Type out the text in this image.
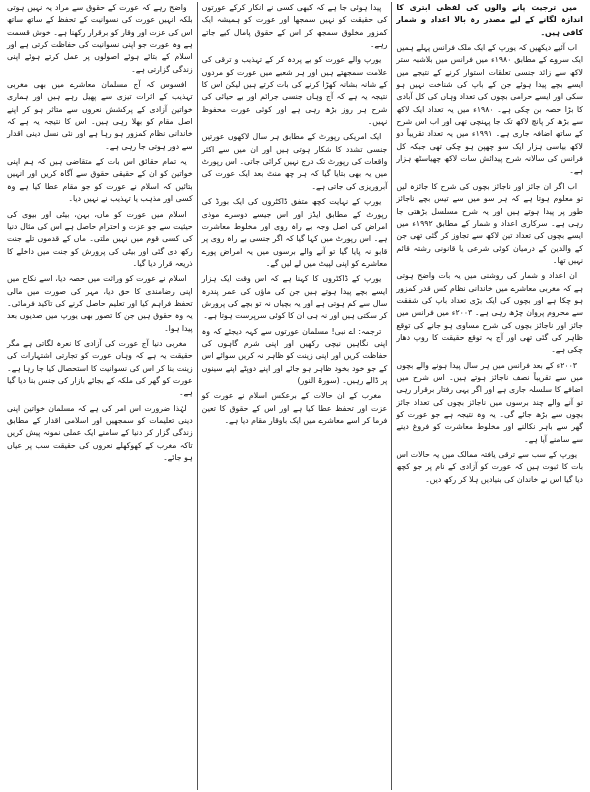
میں ترجیت پانے والوں کی لفظی ابتری کا اندازہ لگانے کے لیے مصدر رہ بالا اعداد و شمار کافی ہیں۔

اب آئیے دیکھیں کہ یورپ کے ایک ملک فرانس پہلے ہمیں ایک سروے کے مطابق ۱۹۸۰ء میں فرانس میں بلاشبہ ستر لاکھ سے زائد جنسی تعلقات استوار کرنے کے نتیجے میں ایسے بچے پیدا ہوئے جن کے باپ کی شناخت نہیں ہو سکی اور ایسے حرامی بچوں کی تعداد وہاں کی کل آبادی کا بڑا حصہ بن چکی ہے۔ ۱۹۸۰ء میں یہ تعداد ایک لاکھ سے بڑھ کر پانچ لاکھ تک جا پہنچی تھی اور اب اس شرح کے ساتھ اضافہ جاری ہے۔ ۱۹۹۱ء میں یہ تعداد تقریباً دو لاکھ بیاسی ہزار ایک سو چھپن ہو چکی تھی جبکہ کل فرانس کی سالانہ شرح پیدائش سات لاکھ چھیاسٹھ ہزار ہے۔

اب اگر ان جائز اور ناجائز بچوں کی شرح کا جائزہ لیں تو معلوم ہوتا ہے کہ ہر سو میں سے تیس بچے ناجائز طور پر پیدا ہوتے ہیں اور یہ شرح مسلسل بڑھتی جا رہی ہے۔ سرکاری اعداد و شمار کے مطابق ۱۹۹۲ء میں ایسے بچوں کی تعداد تین لاکھ سے تجاوز کر گئی تھی جن کے والدین کے درمیان کوئی شرعی یا قانونی رشتہ قائم نہیں تھا۔

ان اعداد و شمار کی روشنی میں یہ بات واضح ہوتی ہے کہ مغربی معاشرے میں خاندانی نظام کس قدر کمزور ہو چکا ہے اور بچوں کی ایک بڑی تعداد باپ کی شفقت سے محروم پروان چڑھ رہی ہے۔ ۲۰۰۳ء میں فرانس میں جائز اور ناجائز بچوں کی شرح مساوی ہو جانے کی توقع ظاہر کی گئی تھی اور آج یہ توقع حقیقت کا روپ دھار چکی ہے۔

۲۰۰۳ء کے بعد فرانس میں ہر سال پیدا ہونے والے بچوں میں سے تقریباً نصف ناجائز ہوتے ہیں۔ اس شرح میں اضافے کا سلسلہ جاری ہے اور اگر یہی رفتار برقرار رہی تو آنے والے چند برسوں میں ناجائز بچوں کی تعداد جائز بچوں سے بڑھ جائے گی۔ یہ وہ نتیجہ ہے جو عورت کو گھر سے باہر نکالنے اور مخلوط معاشرت کو فروغ دینے سے سامنے آیا ہے۔

یورپ کے سب سے ترقی یافتہ ممالک میں یہ حالات اس بات کا ثبوت ہیں کہ عورت کو آزادی کے نام پر جو کچھ دیا گیا اس نے خاندان کی بنیادیں ہلا کر رکھ دیں۔

پیدا ہوئی جا ہے کہ کبھی کسی نے انکار کرکے عورتوں کی حقیقت کو نہیں سمجھا اور عورت کو ہمیشہ ایک کمزور مخلوق سمجھ کر اس کے حقوق پامال کیے جاتے رہے۔

یورپ والے عورت کو بے پردہ کر کے تہذیب و ترقی کی علامت سمجھتے ہیں اور ہر شعبے میں عورت کو مردوں کے شانہ بشانہ کھڑا کرنے کی بات کرتے ہیں لیکن اس کا نتیجہ یہ ہے کہ آج وہاں جنسی جرائم اور بے حیائی کی شرح ہر روز بڑھ رہی ہے اور کوئی عورت محفوظ نہیں۔

ایک امریکی رپورٹ کے مطابق ہر سال لاکھوں عورتیں جنسی تشدد کا شکار ہوتی ہیں اور ان میں سے اکثر واقعات کی رپورٹ تک درج نہیں کرائی جاتی۔ اس رپورٹ میں یہ بھی بتایا گیا کہ ہر چھ منٹ بعد ایک عورت کی آبروریزی کی جاتی ہے۔

یورپ کے نہایت کچھ متفق ڈاکٹروں کی ایک بورڈ کی رپورٹ کے مطابق ایڈز اور اس جیسے دوسرے موذی امراض کی اصل وجہ بے راہ روی اور مخلوط معاشرت ہے۔ اس رپورٹ میں کہا گیا کہ اگر جنسی بے راہ روی پر قابو نہ پایا گیا تو آنے والے برسوں میں یہ امراض پورے معاشرے کو اپنی لپیٹ میں لے لیں گے۔

یورپ کے ڈاکٹروں کا کہنا ہے کہ اس وقت ایک ہزار ایسے بچے پیدا ہوتے ہیں جن کی ماؤں کی عمر پندرہ سال سے کم ہوتی ہے اور یہ بچیاں نہ تو بچے کی پرورش کر سکتی ہیں اور نہ ہی ان کا کوئی سرپرست ہوتا ہے۔

ترجمہ: اے نبی! مسلمان عورتوں سے کہہ دیجئے کہ وہ اپنی نگاہیں نیچی رکھیں اور اپنی شرم گاہوں کی حفاظت کریں اور اپنی زینت کو ظاہر نہ کریں سوائے اس کے جو خود بخود ظاہر ہو جائے اور اپنے دوپٹے اپنے سینوں پر ڈالے رہیں۔ (سورۃ النور)

مغرب کے ان حالات کے برعکس اسلام نے عورت کو عزت اور تحفظ عطا کیا ہے اور اس کے حقوق کا تعین فرما کر اسے معاشرے میں ایک باوقار مقام دیا ہے۔

واضح رہے کہ عورت کے حقوق سے مراد یہ نہیں ہوتی بلکہ انہیں عورت کی نسوانیت کے تحفظ کے ساتھ ساتھ اس کی عزت اور وقار کو برقرار رکھنا ہے۔ خوش قسمت ہے وہ عورت جو اپنی نسوانیت کی حفاظت کرتی ہے اور اسلام کے بتائے ہوئے اصولوں پر عمل کرتے ہوئے اپنی زندگی گزارتی ہے۔

افسوس کہ آج مسلمان معاشرے میں بھی مغربی تہذیب کے اثرات تیزی سے پھیل رہے ہیں اور ہماری خواتین آزادی کے پرکشش نعروں سے متاثر ہو کر اپنے اصل مقام کو بھلا رہی ہیں۔ اس کا نتیجہ یہ ہے کہ خاندانی نظام کمزور ہو رہا ہے اور نئی نسل دینی اقدار سے دور ہوتی جا رہی ہے۔

یہ تمام حقائق اس بات کے متقاضی ہیں کہ ہم اپنی خواتین کو ان کے حقیقی حقوق سے آگاہ کریں اور انہیں بتائیں کہ اسلام نے عورت کو جو مقام عطا کیا ہے وہ کسی اور مذہب یا تہذیب نے نہیں دیا۔

اسلام میں عورت کو ماں، بہن، بیٹی اور بیوی کی حیثیت سے جو عزت و احترام حاصل ہے اس کی مثال دنیا کی کسی قوم میں نہیں ملتی۔ ماں کے قدموں تلے جنت رکھ دی گئی اور بیٹی کی پرورش کو جنت میں داخلے کا ذریعہ قرار دیا گیا۔

اسلام نے عورت کو وراثت میں حصہ دیا، اسے نکاح میں اپنی رضامندی کا حق دیا، مہر کی صورت میں مالی تحفظ فراہم کیا اور تعلیم حاصل کرنے کی تاکید فرمائی۔ یہ وہ حقوق ہیں جن کا تصور بھی یورپ میں صدیوں بعد پیدا ہوا۔

مغربی دنیا آج عورت کی آزادی کا نعرہ لگاتی ہے مگر حقیقت یہ ہے کہ وہاں عورت کو تجارتی اشتہارات کی زینت بنا کر اس کی نسوانیت کا استحصال کیا جا رہا ہے۔ عورت کو گھر کی ملکہ کے بجائے بازار کی جنس بنا دیا گیا ہے۔

لہٰذا ضرورت اس امر کی ہے کہ مسلمان خواتین اپنی دینی تعلیمات کو سمجھیں اور اسلامی اقدار کے مطابق زندگی گزار کر دنیا کے سامنے ایک عملی نمونہ پیش کریں تاکہ مغرب کے کھوکھلے نعروں کی حقیقت سب پر عیاں ہو جائے۔
